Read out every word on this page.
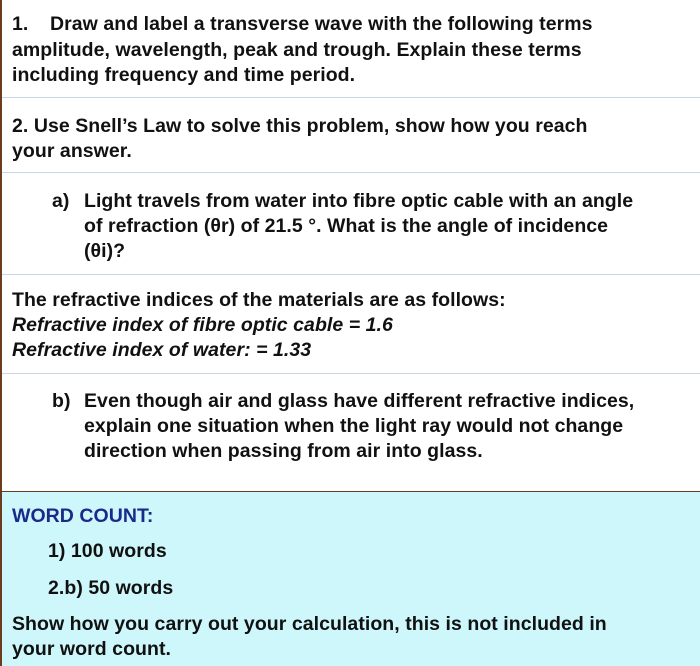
1. Draw and label a transverse wave with the following terms
amplitude, wavelength, peak and trough. Explain these terms
including frequency and time period.
2. Use Snell’s Law to solve this problem, show how you reach
your answer.
a) Light travels from water into fibre optic cable with an angle
of refraction (θr) of 21.5 °. What is the angle of incidence
(θi)?
The refractive indices of the materials are as follows:
Refractive index of fibre optic cable = 1.6
Refractive index of water: = 1.33
b) Even though air and glass have different refractive indices,
explain one situation when the light ray would not change
direction when passing from air into glass.
WORD COUNT:
1) 100 words
2.b) 50 words
Show how you carry out your calculation, this is not included in
your word count.
